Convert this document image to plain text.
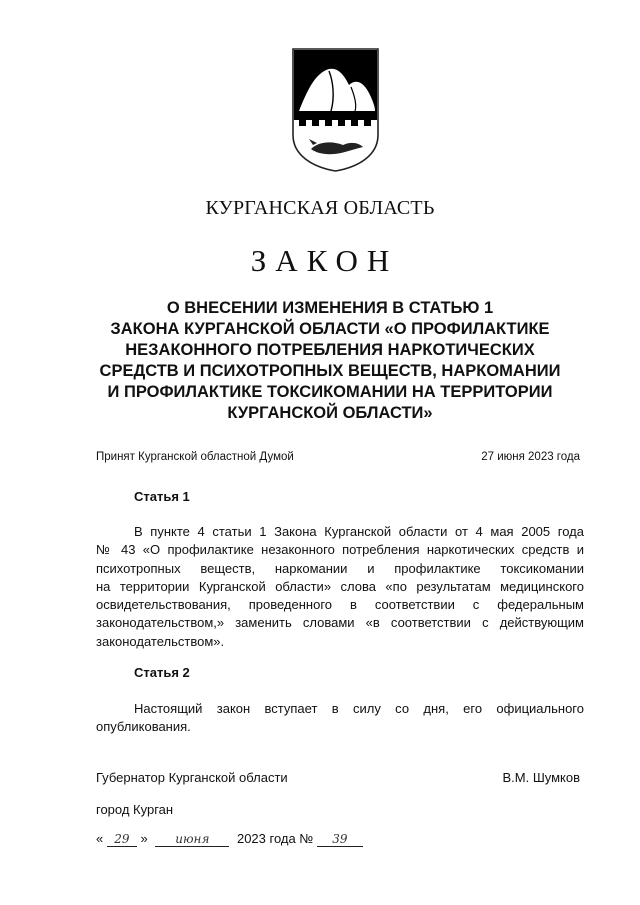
КУРГАНСКАЯ ОБЛАСТЬ
ЗАКОН
О ВНЕСЕНИИ ИЗМЕНЕНИЯ В СТАТЬЮ 1
ЗАКОНА КУРГАНСКОЙ ОБЛАСТИ «О ПРОФИЛАКТИКЕ
НЕЗАКОННОГО ПОТРЕБЛЕНИЯ НАРКОТИЧЕСКИХ
СРЕДСТВ И ПСИХОТРОПНЫХ ВЕЩЕСТВ, НАРКОМАНИИ
И ПРОФИЛАКТИКЕ ТОКСИКОМАНИИ НА ТЕРРИТОРИИ
КУРГАНСКОЙ ОБЛАСТИ»
Принят Курганской областной Думой	27 июня 2023 года
Статья 1
В пункте 4 статьи 1 Закона Курганской области от 4 мая 2005 года
№ 43 «О профилактике незаконного потребления наркотических средств и
психотропных веществ, наркомании и профилактике токсикомании
на территории Курганской области» слова «по результатам медицинского
освидетельствования, проведенного в соответствии с федеральным
законодательством,» заменить словами «в соответствии с действующим
законодательством».
Статья 2
Настоящий закон вступает в силу со дня, его официального
опубликования.
Губернатор Курганской области	В.М. Шумков
город Курган
« 29 » июня 2023 года № 39
